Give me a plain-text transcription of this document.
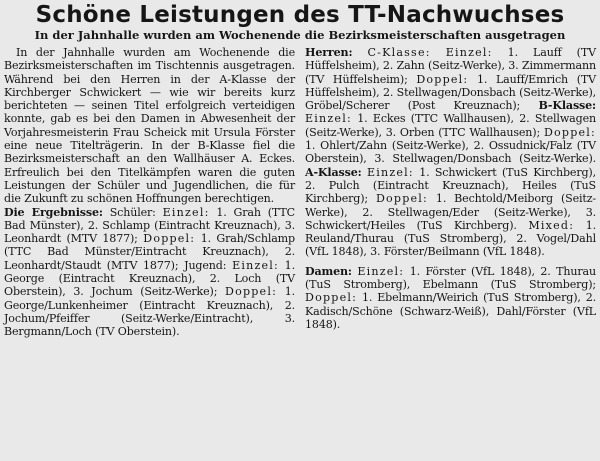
Schöne Leistungen des TT-Nachwuchses
In der Jahnhalle wurden am Wochenende die Bezirksmeisterschaften ausgetragen

In der Jahnhalle wurden am Wochenende die Bezirksmeisterschaften im Tischtennis ausgetragen. Während bei den Herren in der A-Klasse der Kirchberger Schwickert — wie wir bereits kurz berichteten — seinen Titel erfolgreich verteidigen konnte, gab es bei den Damen in Abwesenheit der Vorjahresmeisterin Frau Scheick mit Ursula Förster eine neue Titelträgerin. In der B-Klasse fiel die Bezirksmeisterschaft an den Wallhäuser A. Eckes. Erfreulich bei den Titelkämpfen waren die guten Leistungen der Schüler und Jugendlichen, die für die Zukunft zu schönen Hoffnungen berechtigen.

Die Ergebnisse: Schüler: Einzel: 1. Grah (TTC Bad Münster), 2. Schlamp (Eintracht Kreuznach), 3. Leonhardt (MTV 1877); Doppel: 1. Grah/Schlamp (TTC Bad Münster/Eintracht Kreuznach), 2. Leonhardt/Staudt (MTV 1877); Jugend: Einzel: 1. George (Eintracht Kreuznach), 2. Loch (TV Oberstein), 3. Jochum (Seitz-Werke); Doppel: 1. George/Lunkenheimer (Eintracht Kreuznach), 2. Jochum/Pfeiffer (Seitz-Werke/Eintracht), 3. Bergmann/Loch (TV Oberstein).

Herren: C-Klasse: Einzel: 1. Lauff (TV Hüffelsheim), 2. Zahn (Seitz-Werke), 3. Zimmermann (TV Hüffelsheim); Doppel: 1. Lauff/Emrich (TV Hüffelsheim), 2. Stellwagen/Donsbach (Seitz-Werke), Gröbel/Scherer (Post Kreuznach); B-Klasse: Einzel: 1. Eckes (TTC Wallhausen), 2. Stellwagen (Seitz-Werke), 3. Orben (TTC Wallhausen); Doppel: 1. Ohlert/Zahn (Seitz-Werke), 2. Ossudnick/Falz (TV Oberstein), 3. Stellwagen/Donsbach (Seitz-Werke). A-Klasse: Einzel: 1. Schwickert (TuS Kirchberg), 2. Pulch (Eintracht Kreuznach), Heiles (TuS Kirchberg); Doppel: 1. Bechtold/Meiborg (Seitz-Werke), 2. Stellwagen/Eder (Seitz-Werke), 3. Schwickert/Heiles (TuS Kirchberg). Mixed: 1. Reuland/Thurau (TuS Stromberg), 2. Vogel/Dahl (VfL 1848), 3. Förster/Beilmann (VfL 1848).

Damen: Einzel: 1. Förster (VfL 1848), 2. Thurau (TuS Stromberg), Ebelmann (TuS Stromberg); Doppel: 1. Ebelmann/Weirich (TuS Stromberg), 2. Kadisch/Schöne (Schwarz-Weiß), Dahl/Förster (VfL 1848).
